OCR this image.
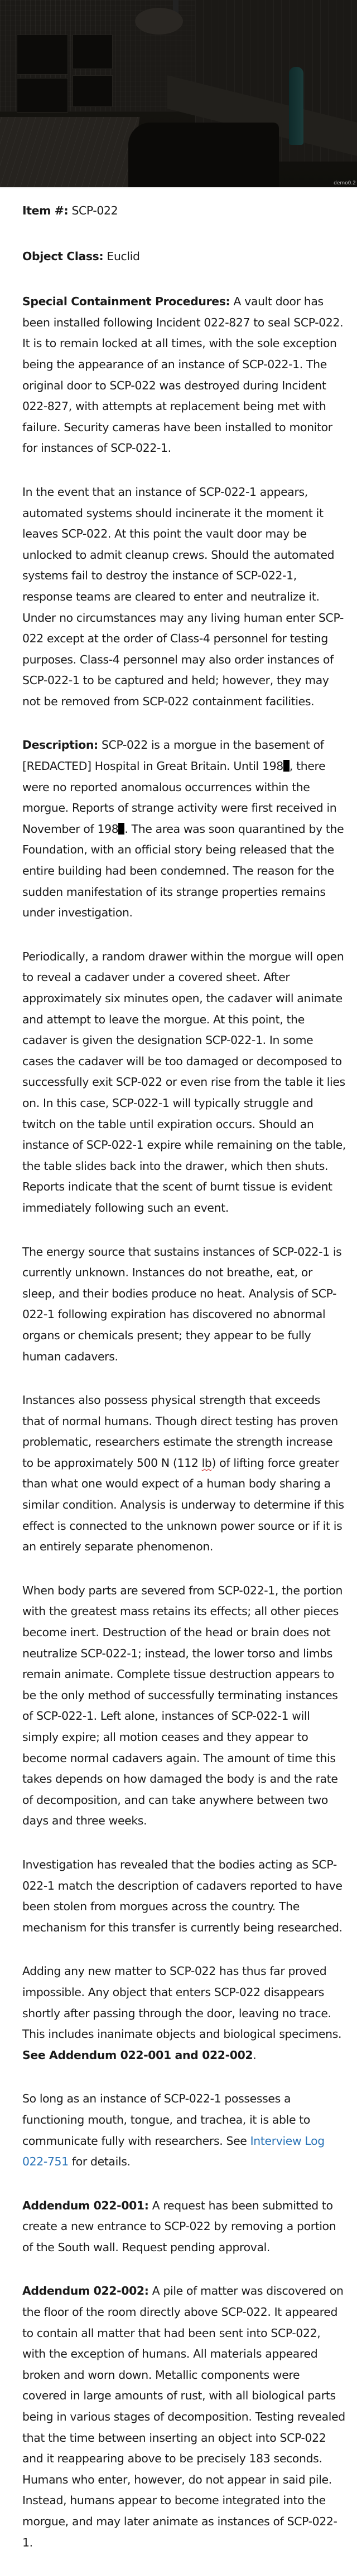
demo0.2

Item #: SCP-022

Object Class: Euclid

Special Containment Procedures: A vault door has been installed following Incident 022-827 to seal SCP-022. It is to remain locked at all times, with the sole exception being the appearance of an instance of SCP-022-1. The original door to SCP-022 was destroyed during Incident 022-827, with attempts at replacement being met with failure. Security cameras have been installed to monitor for instances of SCP-022-1.

In the event that an instance of SCP-022-1 appears, automated systems should incinerate it the moment it leaves SCP-022. At this point the vault door may be unlocked to admit cleanup crews. Should the automated systems fail to destroy the instance of SCP-022-1, response teams are cleared to enter and neutralize it. Under no circumstances may any living human enter SCP-022 except at the order of Class-4 personnel for testing purposes. Class-4 personnel may also order instances of SCP-022-1 to be captured and held; however, they may not be removed from SCP-022 containment facilities.

Description: SCP-022 is a morgue in the basement of [REDACTED] Hospital in Great Britain. Until 198 , there were no reported anomalous occurrences within the morgue. Reports of strange activity were first received in November of 198 . The area was soon quarantined by the Foundation, with an official story being released that the entire building had been condemned. The reason for the sudden manifestation of its strange properties remains under investigation.

Periodically, a random drawer within the morgue will open to reveal a cadaver under a covered sheet. After approximately six minutes open, the cadaver will animate and attempt to leave the morgue. At this point, the cadaver is given the designation SCP-022-1. In some cases the cadaver will be too damaged or decomposed to successfully exit SCP-022 or even rise from the table it lies on. In this case, SCP-022-1 will typically struggle and twitch on the table until expiration occurs. Should an instance of SCP-022-1 expire while remaining on the table, the table slides back into the drawer, which then shuts. Reports indicate that the scent of burnt tissue is evident immediately following such an event.

The energy source that sustains instances of SCP-022-1 is currently unknown. Instances do not breathe, eat, or sleep, and their bodies produce no heat. Analysis of SCP-022-1 following expiration has discovered no abnormal organs or chemicals present; they appear to be fully human cadavers.

Instances also possess physical strength that exceeds that of normal humans. Though direct testing has proven problematic, researchers estimate the strength increase to be approximately 500 N (112 lb) of lifting force greater than what one would expect of a human body sharing a similar condition. Analysis is underway to determine if this effect is connected to the unknown power source or if it is an entirely separate phenomenon.

When body parts are severed from SCP-022-1, the portion with the greatest mass retains its effects; all other pieces become inert. Destruction of the head or brain does not neutralize SCP-022-1; instead, the lower torso and limbs remain animate. Complete tissue destruction appears to be the only method of successfully terminating instances of SCP-022-1. Left alone, instances of SCP-022-1 will simply expire; all motion ceases and they appear to become normal cadavers again. The amount of time this takes depends on how damaged the body is and the rate of decomposition, and can take anywhere between two days and three weeks.

Investigation has revealed that the bodies acting as SCP-022-1 match the description of cadavers reported to have been stolen from morgues across the country. The mechanism for this transfer is currently being researched.

Adding any new matter to SCP-022 has thus far proved impossible. Any object that enters SCP-022 disappears shortly after passing through the door, leaving no trace. This includes inanimate objects and biological specimens. See Addendum 022-001 and 022-002.

So long as an instance of SCP-022-1 possesses a functioning mouth, tongue, and trachea, it is able to communicate fully with researchers. See Interview Log 022-751 for details.

Addendum 022-001: A request has been submitted to create a new entrance to SCP-022 by removing a portion of the South wall. Request pending approval.

Addendum 022-002: A pile of matter was discovered on the floor of the room directly above SCP-022. It appeared to contain all matter that had been sent into SCP-022, with the exception of humans. All materials appeared broken and worn down. Metallic components were covered in large amounts of rust, with all biological parts being in various stages of decomposition. Testing revealed that the time between inserting an object into SCP-022 and it reappearing above to be precisely 183 seconds. Humans who enter, however, do not appear in said pile. Instead, humans appear to become integrated into the morgue, and may later animate as instances of SCP-022-1.
